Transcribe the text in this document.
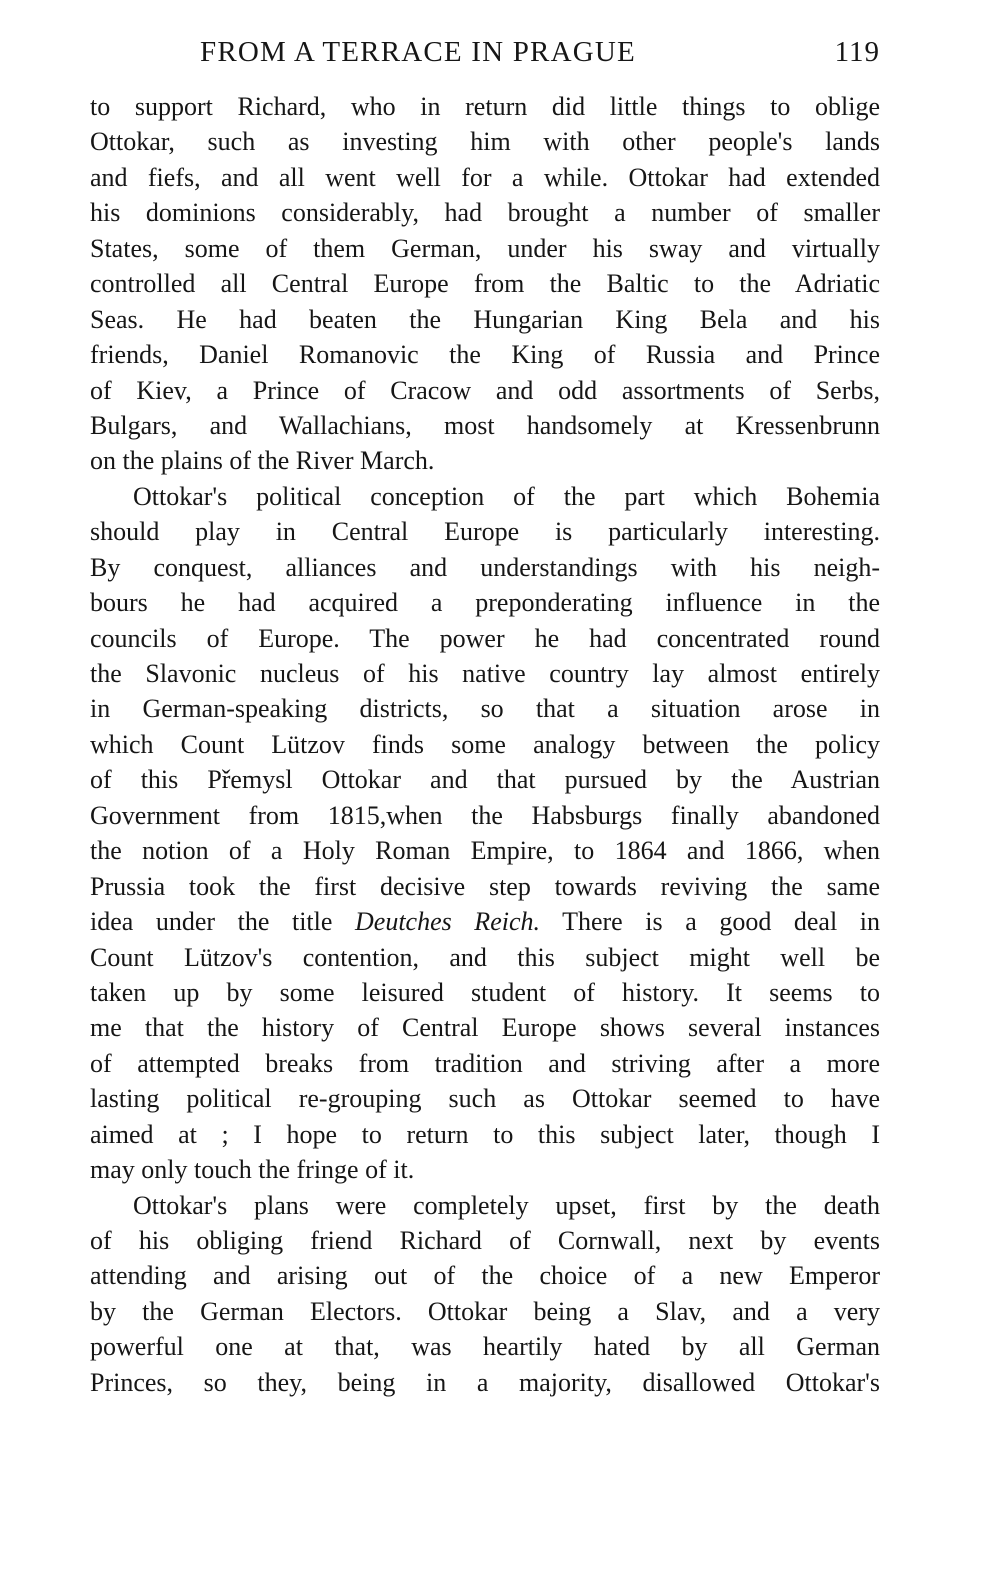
FROM A TERRACE IN PRAGUE	119
to support Richard, who in return did little things to oblige
Ottokar, such as investing him with other people's lands
and fiefs, and all went well for a while. Ottokar had extended
his dominions considerably, had brought a number of smaller
States, some of them German, under his sway and virtually
controlled all Central Europe from the Baltic to the Adriatic
Seas. He had beaten the Hungarian King Bela and his
friends, Daniel Romanovic the King of Russia and Prince
of Kiev, a Prince of Cracow and odd assortments of Serbs,
Bulgars, and Wallachians, most handsomely at Kressenbrunn
on the plains of the River March.
Ottokar's political conception of the part which Bohemia
should play in Central Europe is particularly interesting.
By conquest, alliances and understandings with his neigh-
bours he had acquired a preponderating influence in the
councils of Europe. The power he had concentrated round
the Slavonic nucleus of his native country lay almost entirely
in German-speaking districts, so that a situation arose in
which Count Lützov finds some analogy between the policy
of this Přemysl Ottokar and that pursued by the Austrian
Government from 1815,when the Habsburgs finally abandoned
the notion of a Holy Roman Empire, to 1864 and 1866, when
Prussia took the first decisive step towards reviving the same
idea under the title Deutches Reich. There is a good deal in
Count Lützov's contention, and this subject might well be
taken up by some leisured student of history. It seems to
me that the history of Central Europe shows several instances
of attempted breaks from tradition and striving after a more
lasting political re-grouping such as Ottokar seemed to have
aimed at ; I hope to return to this subject later, though I
may only touch the fringe of it.
Ottokar's plans were completely upset, first by the death
of his obliging friend Richard of Cornwall, next by events
attending and arising out of the choice of a new Emperor
by the German Electors. Ottokar being a Slav, and a very
powerful one at that, was heartily hated by all German
Princes, so they, being in a majority, disallowed Ottokar's
